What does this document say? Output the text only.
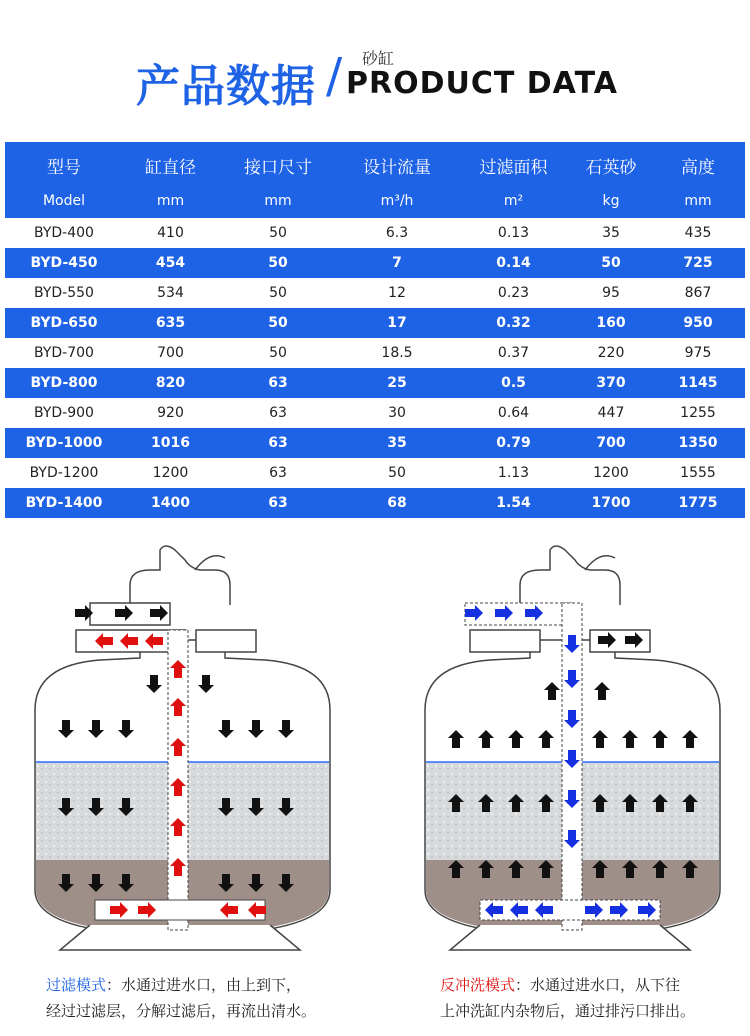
产品数据 / PRODUCT DATA
砂缸
型号	缸直径	接口尺寸	设计流量	过滤面积	石英砂	高度
Model	mm	mm	m³/h	m²	kg	mm
BYD-400	410	50	6.3	0.13	35	435
BYD-450	454	50	7	0.14	50	725
BYD-550	534	50	12	0.23	95	867
BYD-650	635	50	17	0.32	160	950
BYD-700	700	50	18.5	0.37	220	975
BYD-800	820	63	25	0.5	370	1145
BYD-900	920	63	30	0.64	447	1255
BYD-1000	1016	63	35	0.79	700	1350
BYD-1200	1200	63	50	1.13	1200	1555
BYD-1400	1400	63	68	1.54	1700	1775
过滤模式：水通过进水口，由上到下，
经过过滤层，分解过滤后，再流出清水。
反冲洗模式：水通过进水口，从下往
上冲洗缸内杂物后，通过排污口排出。
